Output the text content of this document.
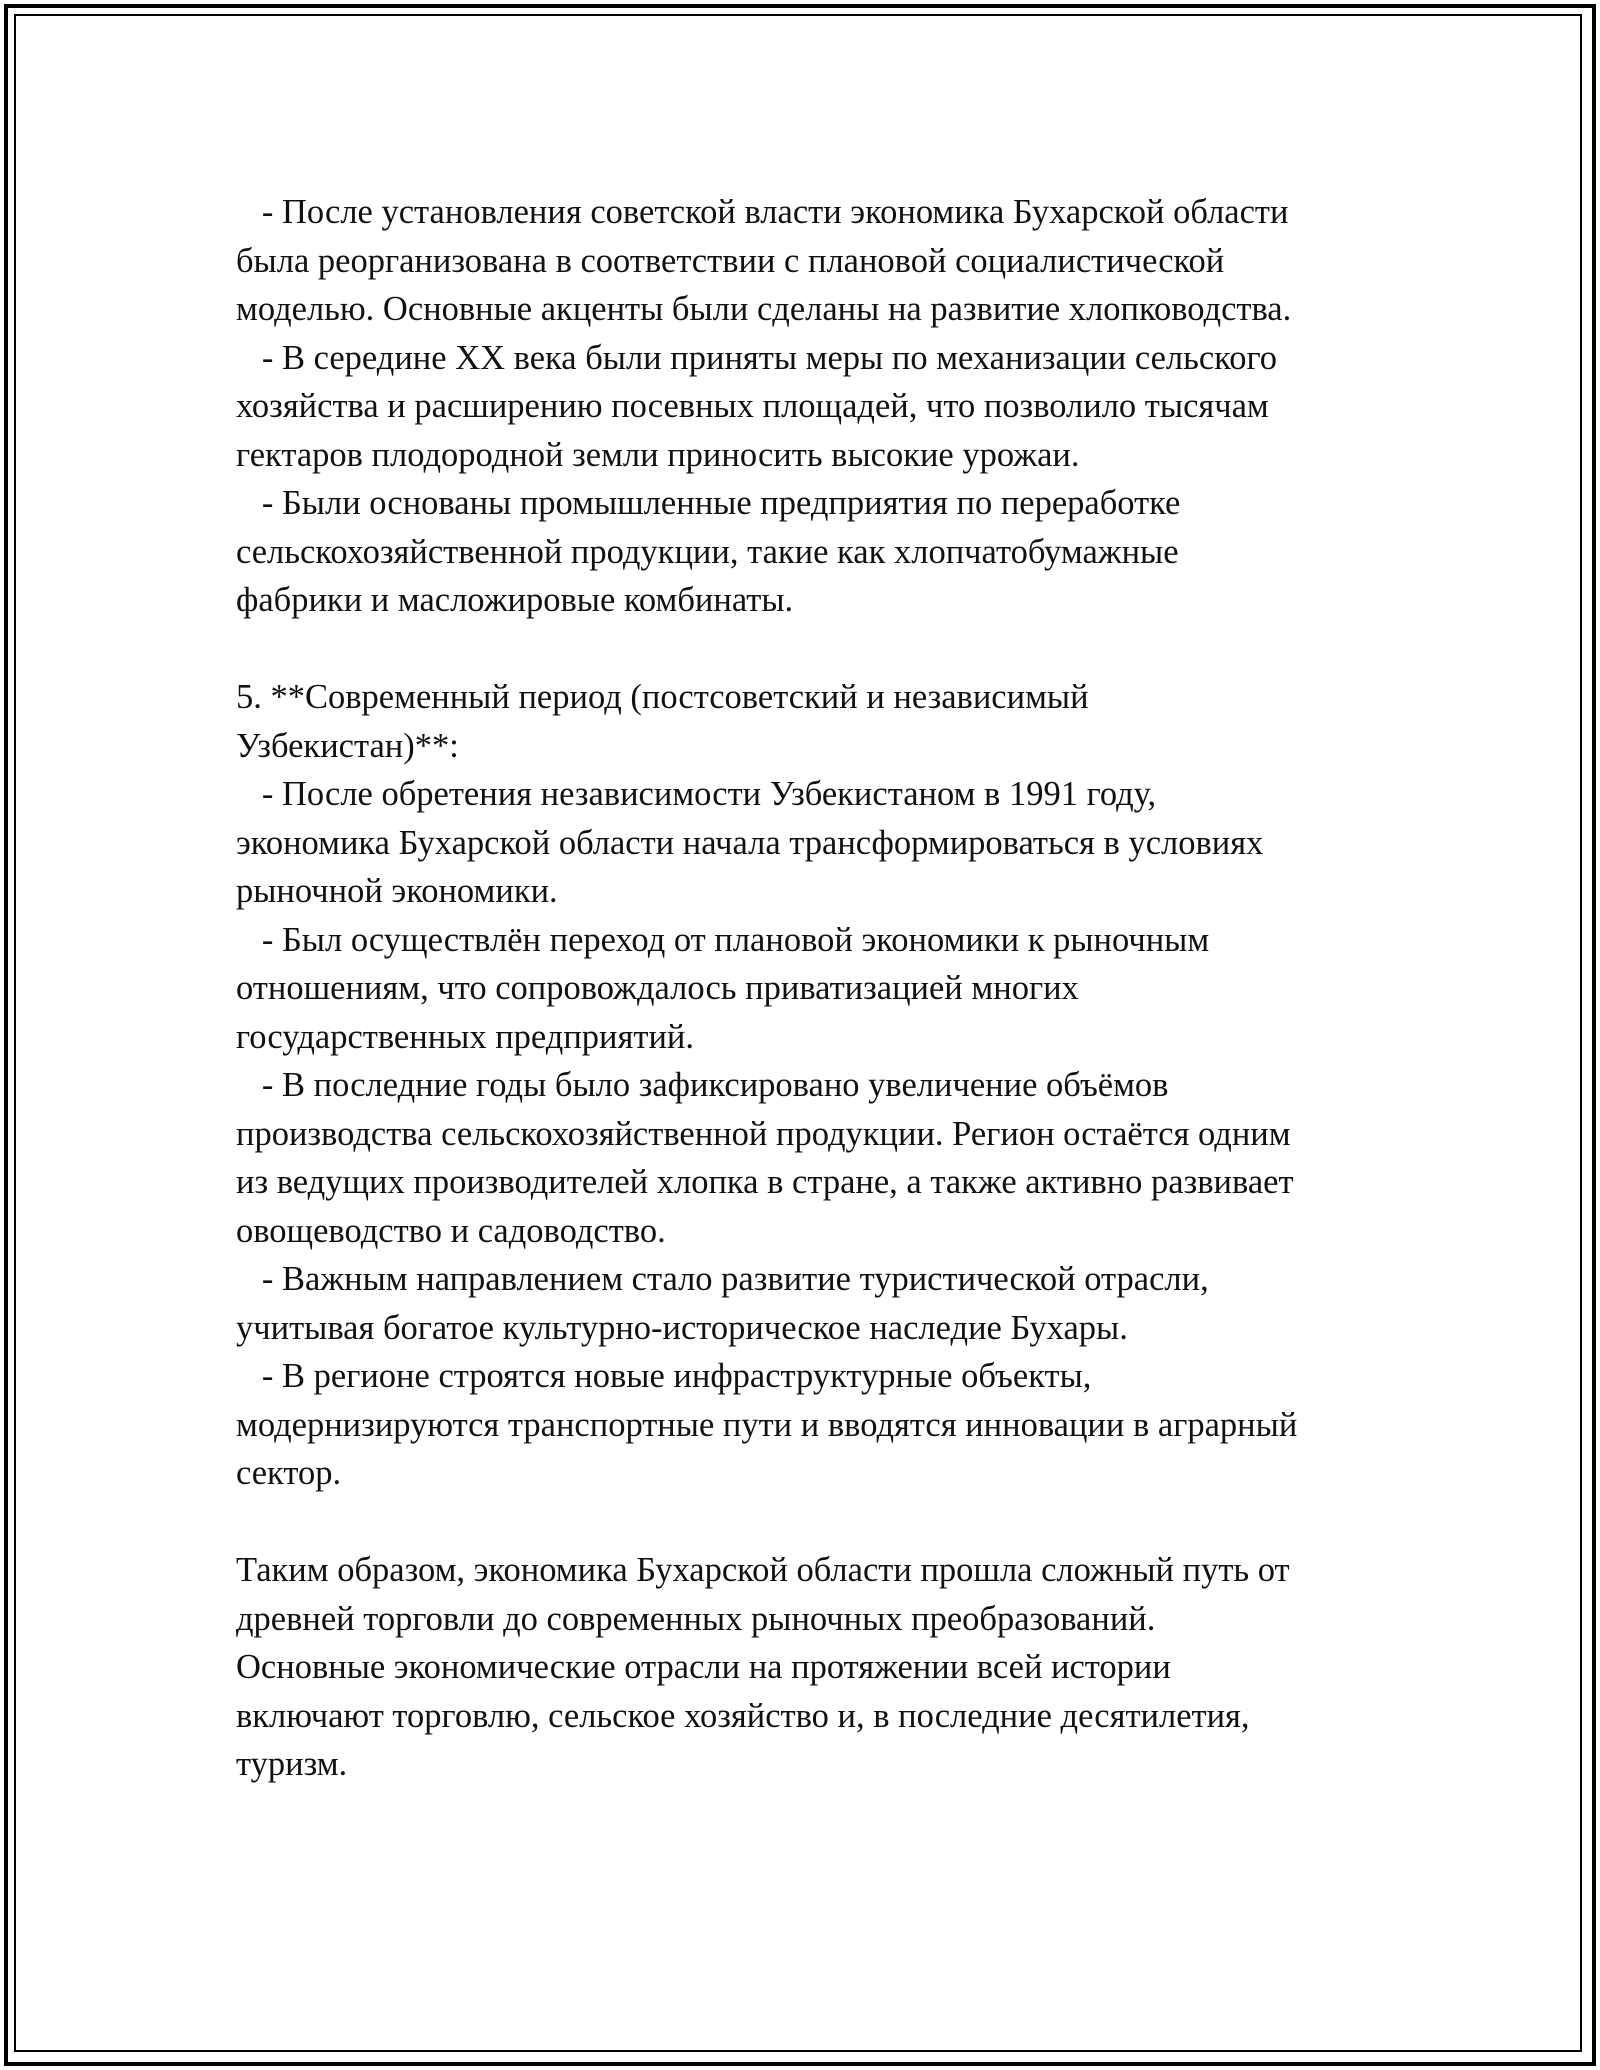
- После установления советской власти экономика Бухарской области
была реорганизована в соответствии с плановой социалистической
моделью. Основные акценты были сделаны на развитие хлопководства.
- В середине XX века были приняты меры по механизации сельского
хозяйства и расширению посевных площадей, что позволило тысячам
гектаров плодородной земли приносить высокие урожаи.
- Были основаны промышленные предприятия по переработке
сельскохозяйственной продукции, такие как хлопчатобумажные
фабрики и масложировые комбинаты.
5. **Современный период (постсоветский и независимый
Узбекистан)**:
- После обретения независимости Узбекистаном в 1991 году,
экономика Бухарской области начала трансформироваться в условиях
рыночной экономики.
- Был осуществлён переход от плановой экономики к рыночным
отношениям, что сопровождалось приватизацией многих
государственных предприятий.
- В последние годы было зафиксировано увеличение объёмов
производства сельскохозяйственной продукции. Регион остаётся одним
из ведущих производителей хлопка в стране, а также активно развивает
овощеводство и садоводство.
- Важным направлением стало развитие туристической отрасли,
учитывая богатое культурно-историческое наследие Бухары.
- В регионе строятся новые инфраструктурные объекты,
модернизируются транспортные пути и вводятся инновации в аграрный
сектор.
Таким образом, экономика Бухарской области прошла сложный путь от
древней торговли до современных рыночных преобразований.
Основные экономические отрасли на протяжении всей истории
включают торговлю, сельское хозяйство и, в последние десятилетия,
туризм.
